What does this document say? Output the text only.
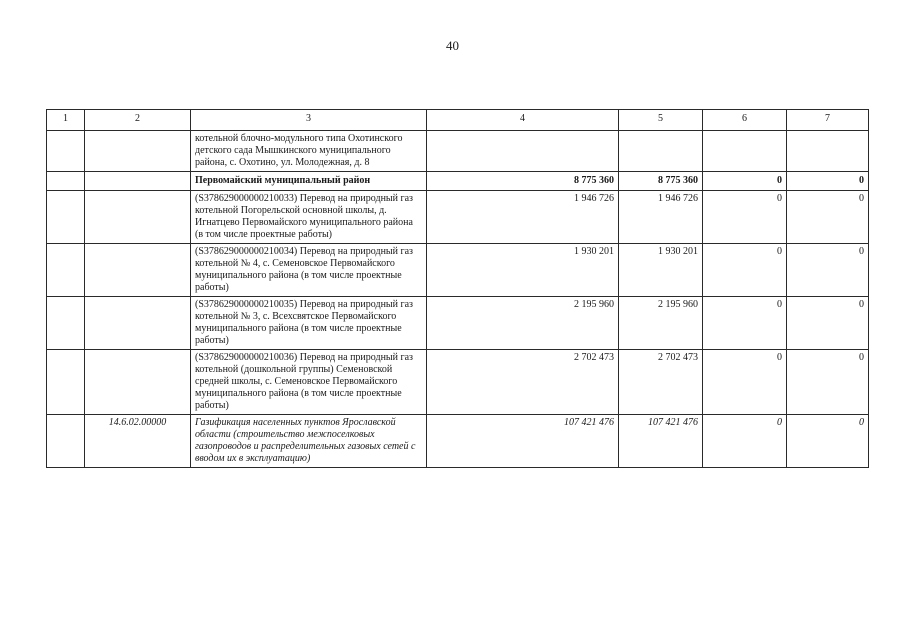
40
1	2	3	4	5	6	7
		котельной блочно-модульного типа Охотинского детского сада Мышкинского муниципального района, с. Охотино, ул. Молодежная, д. 8				
		Первомайский муниципальный район	8 775 360	8 775 360	0	0
		(S378629000000210033) Перевод на природный газ котельной Погорельской основной школы, д. Игнатцево Первомайского муниципального района (в том числе проектные работы)	1 946 726	1 946 726	0	0
		(S378629000000210034) Перевод на природный газ котельной № 4, с. Семеновское Первомайского муниципального района (в том числе проектные работы)	1 930 201	1 930 201	0	0
		(S378629000000210035) Перевод на природный газ котельной № 3, с. Всехсвятское Первомайского муниципального района (в том числе проектные работы)	2 195 960	2 195 960	0	0
		(S378629000000210036) Перевод на природный газ котельной (дошкольной группы) Семеновской средней школы, с. Семеновское Первомайского муниципального района (в том числе проектные работы)	2 702 473	2 702 473	0	0
	14.6.02.00000	Газификация населенных пунктов Ярославской области (строительство межпоселковых газопроводов и распределительных газовых сетей с вводом их в эксплуатацию)	107 421 476	107 421 476	0	0
